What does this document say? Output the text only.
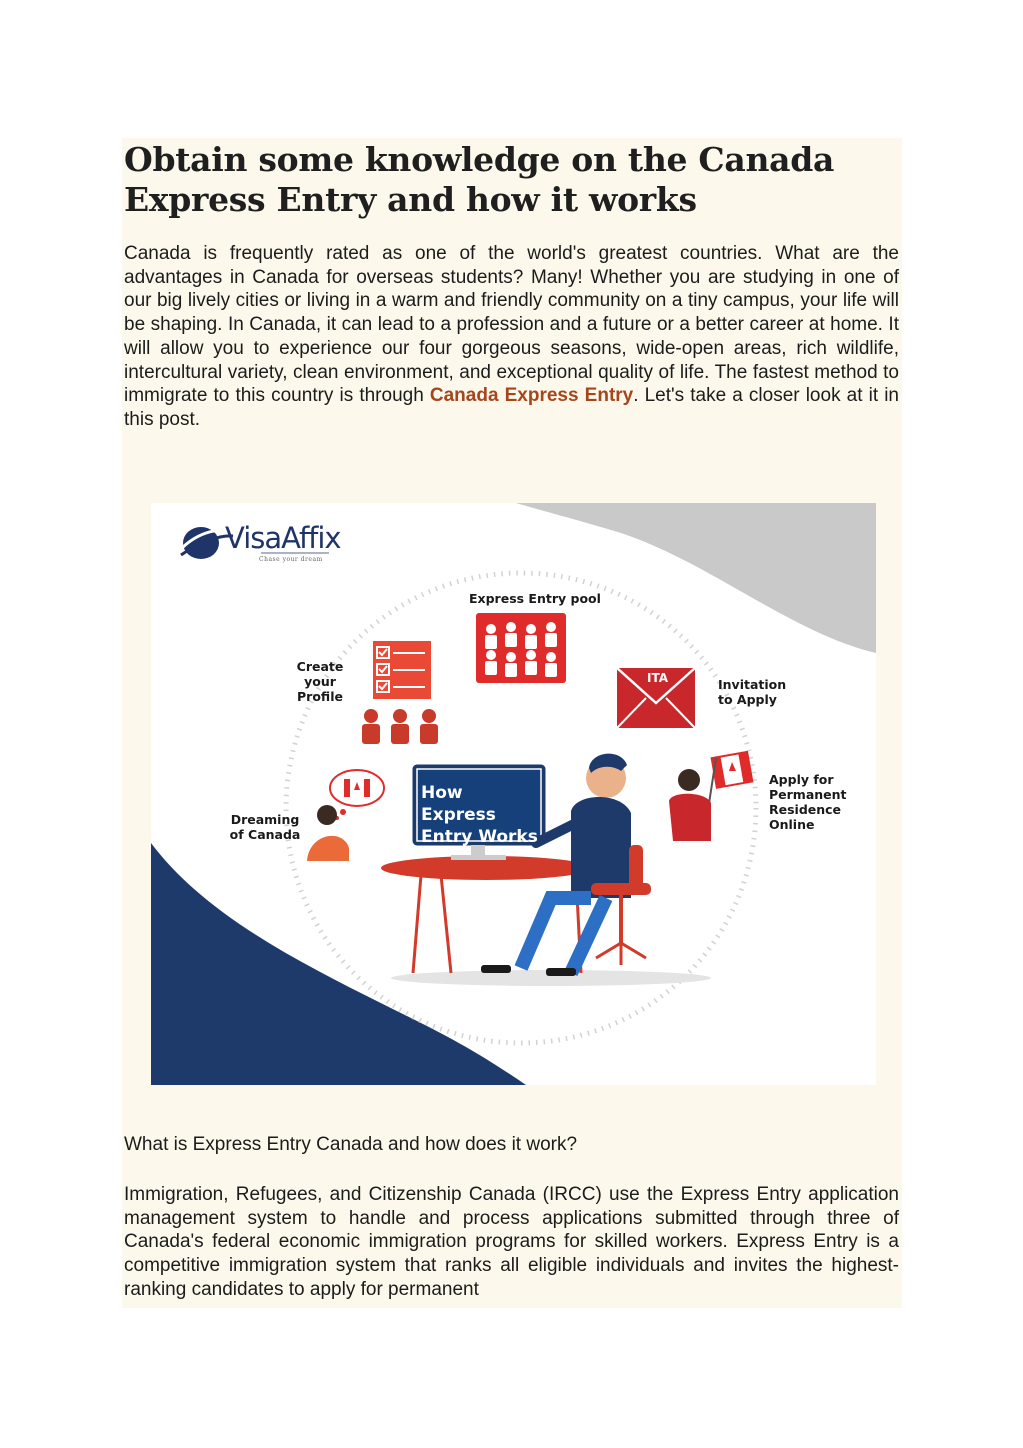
Obtain some knowledge on the Canada Express Entry and how it works

Canada is frequently rated as one of the world's greatest countries. What are the advantages in Canada for overseas students? Many! Whether you are studying in one of our big lively cities or living in a warm and friendly community on a tiny campus, your life will be shaping. In Canada, it can lead to a profession and a future or a better career at home. It will allow you to experience our four gorgeous seasons, wide-open areas, rich wildlife, intercultural variety, clean environment, and exceptional quality of life. The fastest method to immigrate to this country is through Canada Express Entry. Let's take a closer look at it in this post.

VisaAffix
Chase your dream
Express Entry pool
Create your Profile
Invitation to Apply
Apply for Permanent Residence Online
Dreaming of Canada
How Express Entry Works
ITA

What is Express Entry Canada and how does it work?

Immigration, Refugees, and Citizenship Canada (IRCC) use the Express Entry application management system to handle and process applications submitted through three of Canada's federal economic immigration programs for skilled workers. Express Entry is a competitive immigration system that ranks all eligible individuals and invites the highest-ranking candidates to apply for permanent
